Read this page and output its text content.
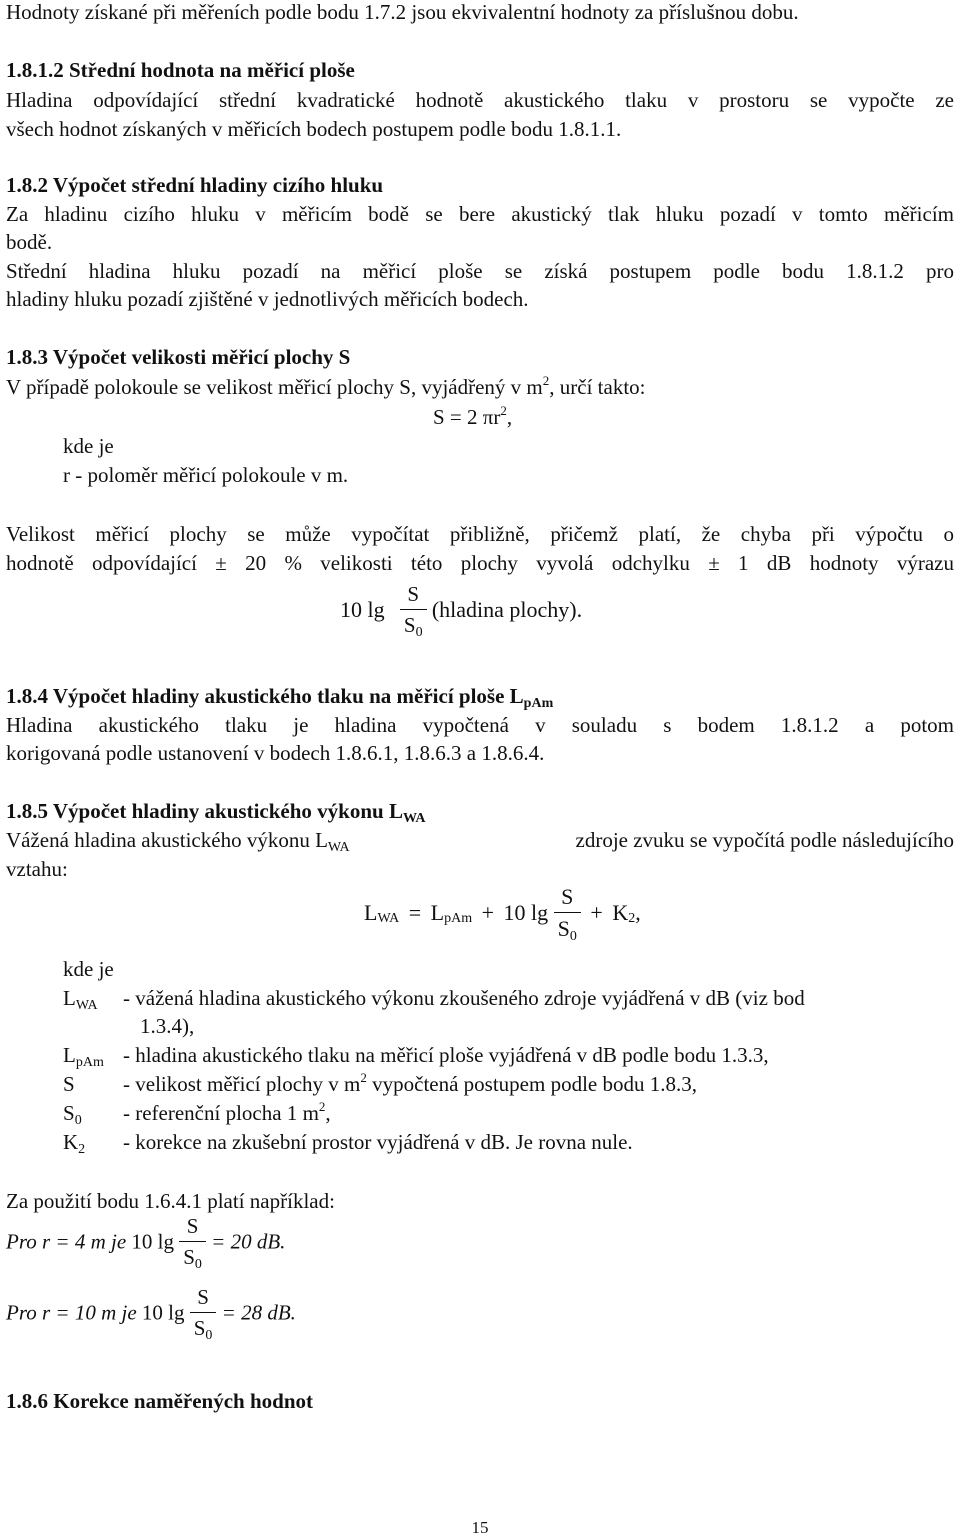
Hodnoty získané při měřeních podle bodu 1.7.2 jsou ekvivalentní hodnoty za příslušnou dobu.
1.8.1.2 Střední hodnota na měřicí ploše
Hladina odpovídající střední kvadratické hodnotě akustického tlaku v prostoru se vypočte ze
všech hodnot získaných v měřicích bodech postupem podle bodu 1.8.1.1.
1.8.2 Výpočet střední hladiny cizího hluku
Za hladinu cizího hluku v měřicím bodě se bere akustický tlak hluku pozadí v tomto měřicím
bodě.
Střední hladina hluku pozadí na měřicí ploše se získá postupem podle bodu 1.8.1.2 pro
hladiny hluku pozadí zjištěné v jednotlivých měřicích bodech.
1.8.3 Výpočet velikosti měřicí plochy S
V případě polokoule se velikost měřicí plochy S, vyjádřený v $m^2$, určí takto:
S = 2 $\pi r^2$,
kde je
r - poloměr měřicí polokoule v m.
Velikost měřicí plochy se může vypočítat přibližně, přičemž platí, že chyba při výpočtu o
hodnotě odpovídající ± 20 % velikosti této plochy vyvolá odchylku ± 1 dB hodnoty výrazu
10 $\lg \frac{S}{S_0}$ (hladina plochy).
1.8.4 Výpočet hladiny akustického tlaku na měřicí ploše $L_{pAm}$
Hladina akustického tlaku je hladina vypočtená v souladu s bodem 1.8.1.2 a potom
korigovaná podle ustanovení v bodech 1.8.6.1, 1.8.6.3 a 1.8.6.4.
1.8.5 Výpočet hladiny akustického výkonu $L_{WA}$
Vážená hladina akustického výkonu $L_{WA}$	zdroje zvuku se vypočítá podle následujícího
vztahu:
$L_{WA} = L_{pAm} + 10$ $\lg \frac{S}{S_0} + K_2$,
kde je
$L_{WA}$ - vážená hladina akustického výkonu zkoušeného zdroje vyjádřená v dB (viz bod
1.3.4),
$L_{pAm}$ - hladina akustického tlaku na měřicí ploše vyjádřená v dB podle bodu 1.3.3,
S - velikost měřicí plochy v $m^2$ vypočtená postupem podle bodu 1.8.3,
$S_0$ - referenční plocha 1 $m^2$,
$K_2$ - korekce na zkušební prostor vyjádřená v dB. Je rovna nule.
Za použití bodu 1.6.4.1 platí například:
Pro r = 4 m je 10 $\lg \frac{S}{S_0} = 20$ dB.
Pro r = 10 m je 10 $\lg \frac{S}{S_0} = 28$ dB.
1.8.6 Korekce naměřených hodnot
15
